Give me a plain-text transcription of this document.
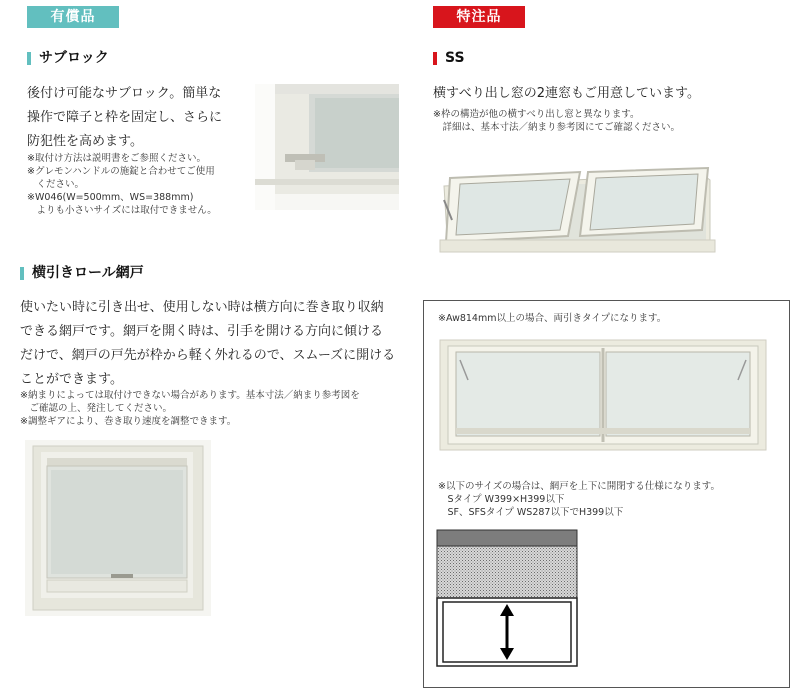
有償品
サブロック
後付け可能なサブロック。簡単な
操作で障子と枠を固定し、さらに
防犯性を高めます。
※取付け方法は説明書をご参照ください。
※グレモンハンドルの施錠と合わせてご使用
　ください。
※W046(W=500mm、WS=388mm)
　よりも小さいサイズには取付できません。
横引きロール網戸
使いたい時に引き出せ、使用しない時は横方向に巻き取り収納
できる網戸です。網戸を開く時は、引手を開ける方向に傾ける
だけで、網戸の戸先が枠から軽く外れるので、スムーズに開ける
ことができます。
※納まりによっては取付けできない場合があります。基本寸法／納まり参考図を
　ご確認の上、発注してください。
※調整ギアにより、巻き取り速度を調整できます。
特注品
SS
横すべり出し窓の2連窓もご用意しています。
※枠の構造が他の横すべり出し窓と異なります。
　詳細は、基本寸法／納まり参考図にてご確認ください。
※Aw814mm以上の場合、両引きタイプになります。
※以下のサイズの場合は、網戸を上下に開閉する仕様になります。
　Sタイプ W399×H399以下
　SF、SFSタイプ WS287以下でH399以下
